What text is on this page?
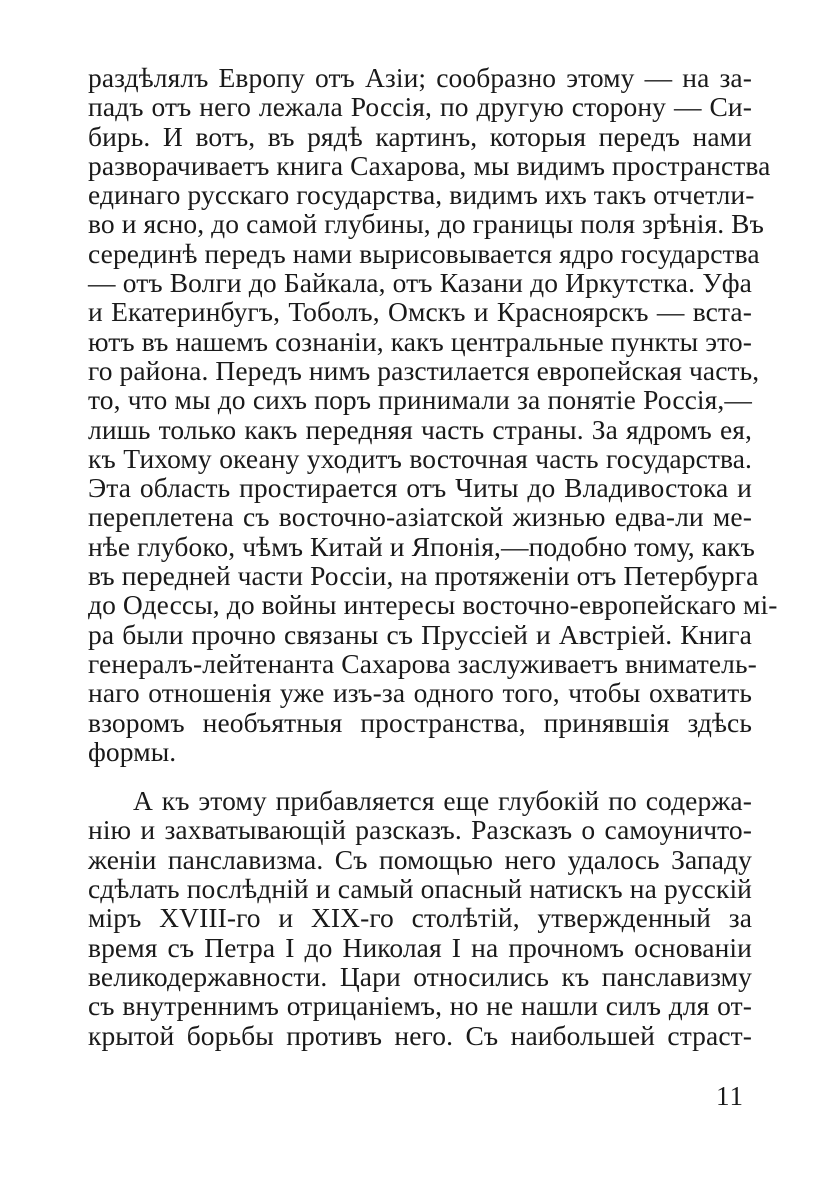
раздѣлялъ Европу отъ Азіи; сообразно этому — на за-
падъ отъ него лежала Россія, по другую сторону — Си-
бирь. И вотъ, въ рядѣ картинъ, которыя передъ нами
разворачиваетъ книга Сахарова, мы видимъ пространства
единаго русскаго государства, видимъ ихъ такъ отчетли-
во и ясно, до самой глубины, до границы поля зрѣнія. Въ
серединѣ передъ нами вырисовывается ядро государства
— отъ Волги до Байкала, отъ Казани до Иркутстка. Уфа
и Екатеринбугъ, Тоболъ, Омскъ и Красноярскъ — вста-
ютъ въ нашемъ сознаніи, какъ центральные пункты это-
го района. Передъ нимъ разстилается европейская часть,
то, что мы до сихъ поръ принимали за понятіе Россія,—
лишь только какъ передняя часть страны. За ядромъ ея,
къ Тихому океану уходитъ восточная часть государства.
Эта область простирается отъ Читы до Владивостока и
переплетена съ восточно-азіатской жизнью едва-ли ме-
нѣе глубоко, чѣмъ Китай и Японія,—подобно тому, какъ
въ передней части Россіи, на протяженіи отъ Петербурга
до Одессы, до войны интересы восточно-европейскаго мі-
ра были прочно связаны съ Пруссіей и Австріей. Книга
генералъ-лейтенанта Сахарова заслуживаетъ вниматель-
наго отношенія уже изъ-за одного того, чтобы охватить
взоромъ необъятныя пространства, принявшія здѣсь
формы.
А къ этому прибавляется еще глубокій по содержа-
нію и захватывающій разсказъ. Разсказъ о самоуничто-
женіи панславизма. Съ помощью него удалось Западу
сдѣлать послѣдній и самый опасный натискъ на русскій
міръ XVIII-го и XIX-го столѣтій, утвержденный за
время съ Петра I до Николая I на прочномъ основаніи
великодержавности. Цари относились къ панславизму
съ внутреннимъ отрицаніемъ, но не нашли силъ для от-
крытой борьбы противъ него. Съ наибольшей страст-
11
